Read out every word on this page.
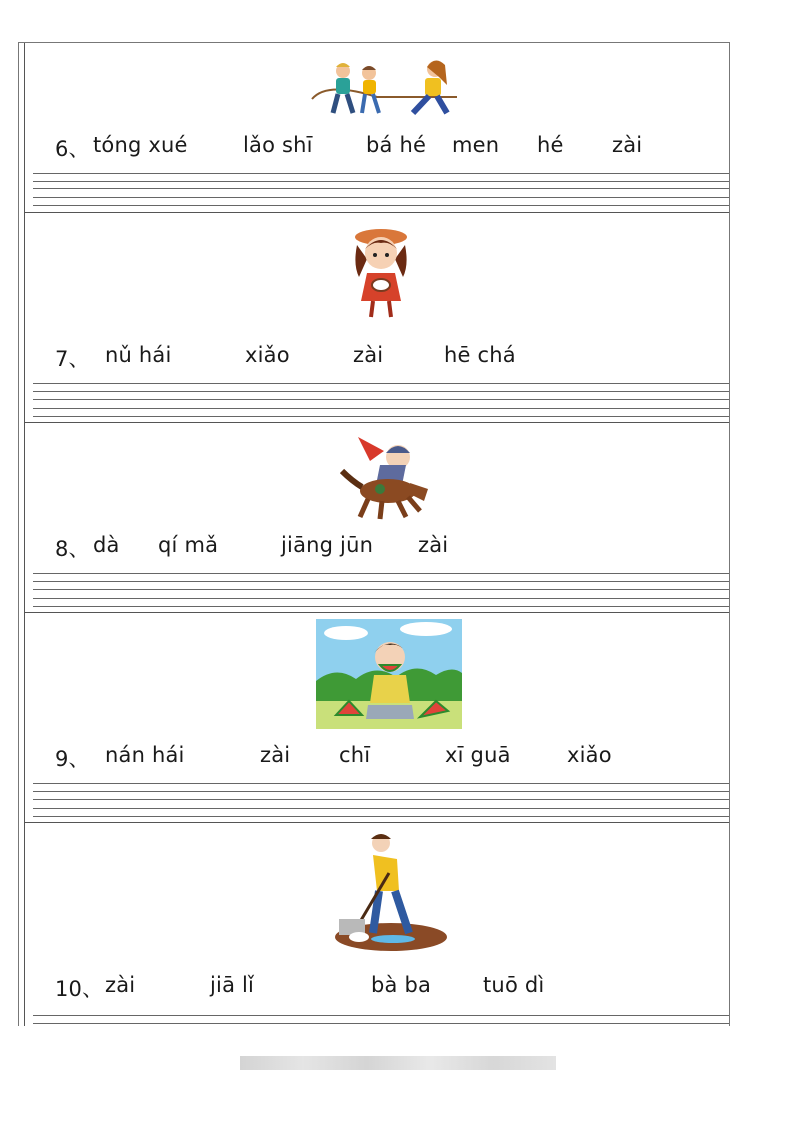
6、 tóng xué	lǎo shī	bá hé men hé zài
7、 nǔ hái	xiǎo	zài	hē chá
8、 dà qí mǎ	jiāng jūn zài
9、 nán hái	zài chī	xī guā	xiǎo
10、 zài	jiā lǐ	bà ba tuō dì
